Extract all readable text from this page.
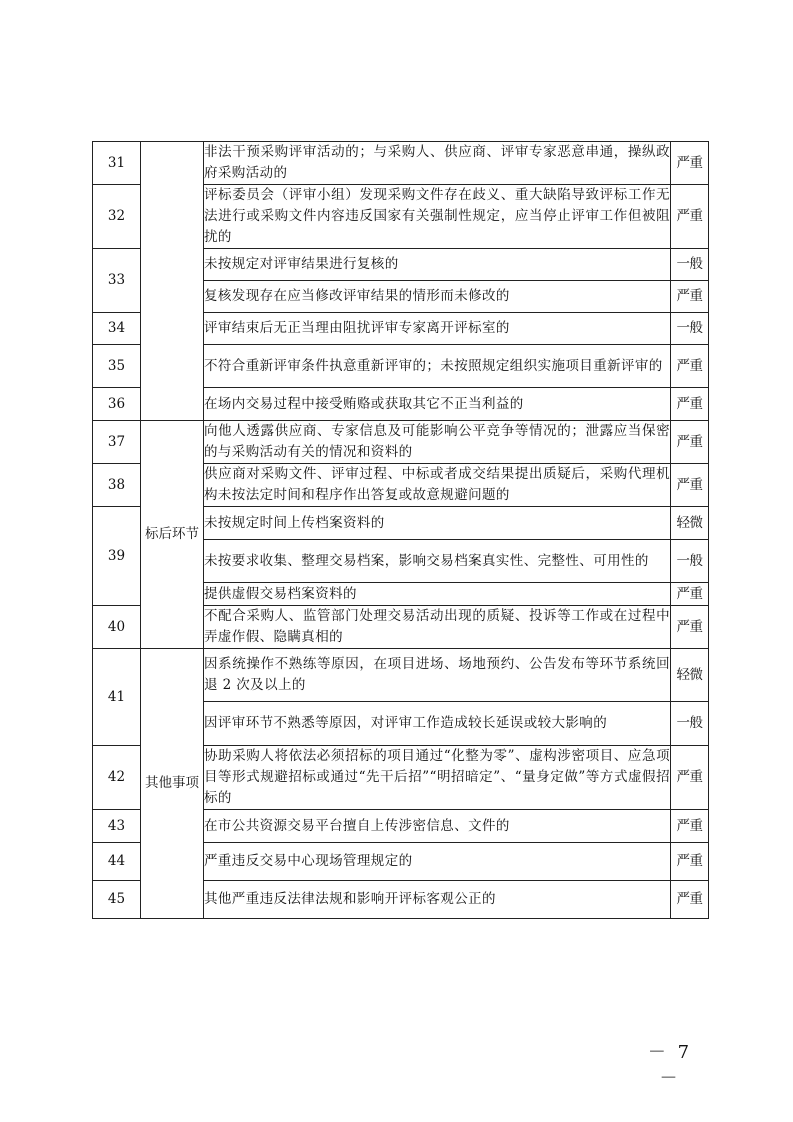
31		非法干预采购评审活动的；与采购人、供应商、评审专家恶意串通，操纵政府采购活动的	严重
32		评标委员会（评审小组）发现采购文件存在歧义、重大缺陷导致评标工作无法进行或采购文件内容违反国家有关强制性规定，应当停止评审工作但被阻扰的	严重
33		未按规定对评审结果进行复核的	一般
		复核发现存在应当修改评审结果的情形而未修改的	严重
34		评审结束后无正当理由阻扰评审专家离开评标室的	一般
35		不符合重新评审条件执意重新评审的；未按照规定组织实施项目重新评审的	严重
36		在场内交易过程中接受贿赂或获取其它不正当利益的	严重
37	标后环节	向他人透露供应商、专家信息及可能影响公平竞争等情况的；泄露应当保密的与采购活动有关的情况和资料的	严重
38		供应商对采购文件、评审过程、中标或者成交结果提出质疑后，采购代理机构未按法定时间和程序作出答复或故意规避问题的	严重
39		未按规定时间上传档案资料的	轻微
		未按要求收集、整理交易档案，影响交易档案真实性、完整性、可用性的	一般
		提供虚假交易档案资料的	严重
40		不配合采购人、监管部门处理交易活动出现的质疑、投诉等工作或在过程中弄虚作假、隐瞒真相的	严重
41	其他事项	因系统操作不熟练等原因，在项目进场、场地预约、公告发布等环节系统回退 2 次及以上的	轻微
		因评审环节不熟悉等原因，对评审工作造成较长延误或较大影响的	一般
42		协助采购人将依法必须招标的项目通过“化整为零”、虚构涉密项目、应急项目等形式规避招标或通过“先干后招”“明招暗定”、“量身定做”等方式虚假招标的	严重
43		在市公共资源交易平台擅自上传涉密信息、文件的	严重
44		严重违反交易中心现场管理规定的	严重
45		其他严重违反法律法规和影响开评标客观公正的	严重
－ 7 －
